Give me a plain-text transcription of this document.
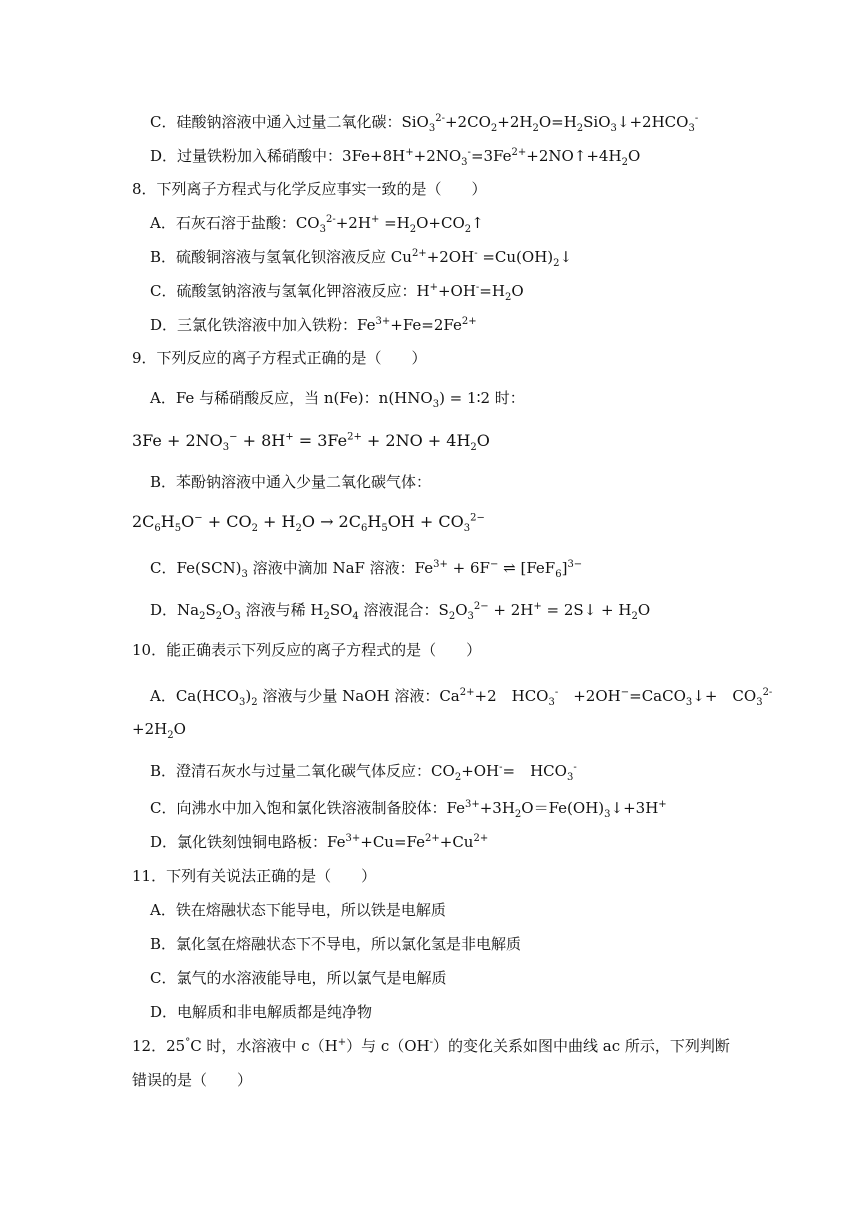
C．硅酸钠溶液中通入过量二氧化碳：$SiO_3^{2-}+2CO_2+2H_2O=H_2SiO_3↓+2HCO_3^-$
D．过量铁粉加入稀硝酸中：$3Fe+8H^++2NO_3^-=3Fe^{2+}+2NO↑+4H_2O$
8．下列离子方程式与化学反应事实一致的是（　　）
A．石灰石溶于盐酸：$CO_3^{2-}+2H^+$ $=H_2O+CO_2↑$
B．硫酸铜溶液与氢氧化钡溶液反应 $Cu^{2+}+2OH^-$ $=Cu(OH)_2↓$
C．硫酸氢钠溶液与氢氧化钾溶液反应：$H^++OH^-=H_2O$
D．三氯化铁溶液中加入铁粉：$Fe^{3+}+Fe=2Fe^{2+}$
9．下列反应的离子方程式正确的是（　　）
A．Fe 与稀硝酸反应，当 n(Fe)：$n(HNO_3)$ = 1∶2 时：
$3Fe + 2NO_3^- + 8H^+ = 3Fe^{2+} + 2NO + 4H_2O$
B．苯酚钠溶液中通入少量二氧化碳气体：
$2C_6H_5O^- + CO_2 + H_2O \to 2C_6H_5OH + CO_3^{2-}$
C．$Fe(SCN)_3$ 溶液中滴加 NaF 溶液：$Fe^{3+} + 6F^-$ ⇌ $[FeF_6]^{3-}$
D．$Na_2S_2O_3$ 溶液与稀 $H_2SO_4$ 溶液混合：$S_2O_3^{2-} + 2H^+$ = 2S↓ + $H_2O$
10．能正确表示下列反应的离子方程式的是（　　）
A．$Ca(HCO_3)_2$ 溶液与少量 NaOH 溶液：$Ca^{2+}+2$　$HCO_3^-$　+2OH−=CaCO$_3$↓+　$CO_3^{2-}$
$+2H_2O$
B．澄清石灰水与过量二氧化碳气体反应：$CO_2+OH^-=$　$HCO_3^-$
C．向沸水中加入饱和氯化铁溶液制备胶体：$Fe^{3+}+3H_2O=Fe(OH)_3↓+3H^+$
D．氯化铁刻蚀铜电路板：$Fe^{3+}+Cu=Fe^{2+}+Cu^{2+}$
11．下列有关说法正确的是（　　）
A．铁在熔融状态下能导电，所以铁是电解质
B．氯化氢在熔融状态下不导电，所以氯化氢是非电解质
C．氯气的水溶液能导电，所以氯气是电解质
D．电解质和非电解质都是纯净物
12．25°C 时，水溶液中 c（H+）与 c（OH-）的变化关系如图中曲线 ac 所示，下列判断
错误的是（　　）
